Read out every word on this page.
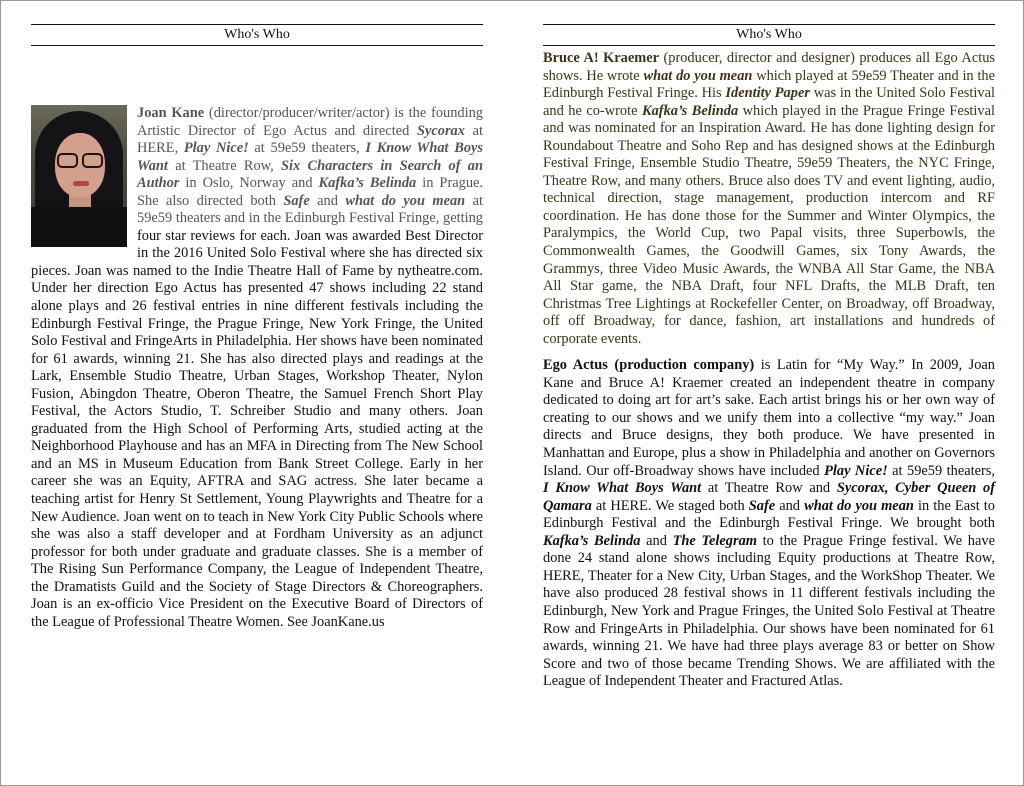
Who's Who
Joan Kane (director/producer/writer/actor) is the founding Artistic Director of Ego Actus and directed Sycorax at HERE, Play Nice! at 59e59 theaters, I Know What Boys Want at Theatre Row, Six Characters in Search of an Author in Oslo, Norway and Kafka’s Belinda in Prague. She also directed both Safe and what do you mean at 59e59 theaters and in the Edinburgh Festival Fringe, getting four star reviews for each. Joan was awarded Best Director in the 2016 United Solo Festival where she has directed six pieces. Joan was named to the Indie Theatre Hall of Fame by nytheatre.com. Under her direction Ego Actus has presented 47 shows including 22 stand alone plays and 26 festival entries in nine different festivals including the Edinburgh Festival Fringe, the Prague Fringe, New York Fringe, the United Solo Festival and FringeArts in Philadelphia. Her shows have been nominated for 61 awards, winning 21. She has also directed plays and readings at the Lark, Ensemble Studio Theatre, Urban Stages, Workshop Theater, Nylon Fusion, Abingdon Theatre, Oberon Theatre, the Samuel French Short Play Festival, the Actors Studio, T. Schreiber Studio and many others. Joan graduated from the High School of Performing Arts, studied acting at the Neighborhood Playhouse and has an MFA in Directing from The New School and an MS in Museum Education from Bank Street College. Early in her career she was an Equity, AFTRA and SAG actress. She later became a teaching artist for Henry St Settlement, Young Playwrights and Theatre for a New Audience. Joan went on to teach in New York City Public Schools where she was also a staff developer and at Fordham University as an adjunct professor for both under graduate and graduate classes. She is a member of The Rising Sun Performance Company, the League of Independent Theatre, the Dramatists Guild and the Society of Stage Directors & Choreographers. Joan is an ex-officio Vice President on the Executive Board of Directors of the League of Professional Theatre Women. See JoanKane.us
Who's Who

Bruce A! Kraemer (producer, director and designer) produces all Ego Actus shows. He wrote what do you mean which played at 59e59 Theater and in the Edinburgh Festival Fringe. His Identity Paper was in the United Solo Festival and he co-wrote Kafka’s Belinda which played in the Prague Fringe Festival and was nominated for an Inspiration Award. He has done lighting design for Roundabout Theatre and Soho Rep and has designed shows at the Edinburgh Festival Fringe, Ensemble Studio Theatre, 59e59 Theaters, the NYC Fringe, Theatre Row, and many others. Bruce also does TV and event lighting, audio, technical direction, stage management, production intercom and RF coordination. He has done those for the Summer and Winter Olympics, the Paralympics, the World Cup, two Papal visits, three Superbowls, the Commonwealth Games, the Goodwill Games, six Tony Awards, the Grammys, three Video Music Awards, the WNBA All Star Game, the NBA All Star game, the NBA Draft, four NFL Drafts, the MLB Draft, ten Christmas Tree Lightings at Rockefeller Center, on Broadway, off Broadway, off off Broadway, for dance, fashion, art installations and hundreds of corporate events.

Ego Actus (production company) is Latin for “My Way.” In 2009, Joan Kane and Bruce A! Kraemer created an independent theatre in company dedicated to doing art for art’s sake. Each artist brings his or her own way of creating to our shows and we unify them into a collective “my way.” Joan directs and Bruce designs, they both produce. We have presented in Manhattan and Europe, plus a show in Philadelphia and another on Governors Island. Our off-Broadway shows have included Play Nice! at 59e59 theaters, I Know What Boys Want at Theatre Row and Sycorax, Cyber Queen of Qamara at HERE. We staged both Safe and what do you mean in the East to Edinburgh Festival and the Edinburgh Festival Fringe. We brought both Kafka’s Belinda and The Telegram to the Prague Fringe festival. We have done 24 stand alone shows including Equity productions at Theatre Row, HERE, Theater for a New City, Urban Stages, and the WorkShop Theater. We have also produced 28 festival shows in 11 different festivals including the Edinburgh, New York and Prague Fringes, the United Solo Festival at Theatre Row and FringeArts in Philadelphia. Our shows have been nominated for 61 awards, winning 21. We have had three plays average 83 or better on Show Score and two of those became Trending Shows. We are affiliated with the League of Independent Theater and Fractured Atlas.
